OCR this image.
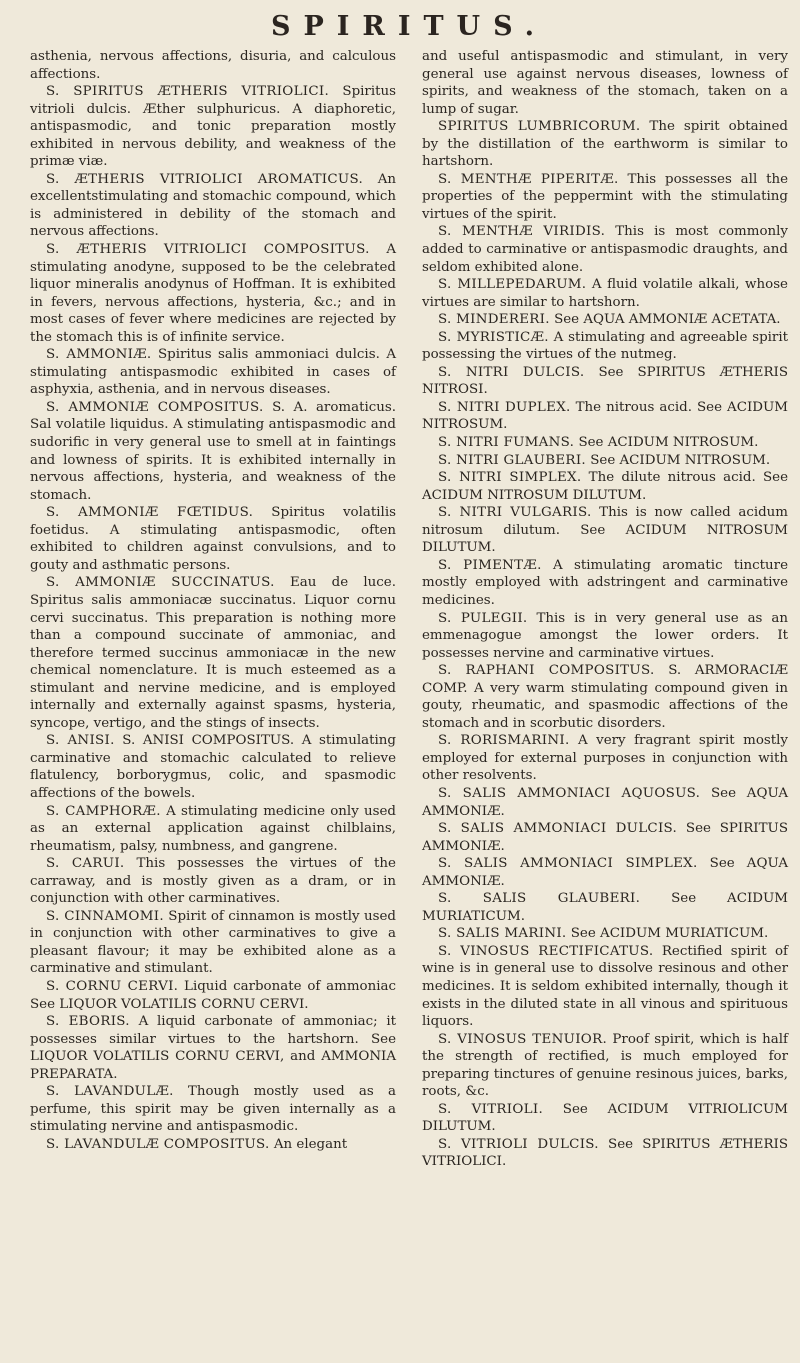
SPIRITUS.

asthenia, nervous affections, disuria, and calculous affections.

S. SPIRITUS ÆTHERIS VITRIOLICI. Spiritus vitrioli dulcis. Æther sulphuricus. A diaphoretic, antispasmodic, and tonic preparation mostly exhibited in nervous debility, and weakness of the primæ viæ.

S. ÆTHERIS VITRIOLICI AROMATICUS. An excellentstimulating and stomachic compound, which is administered in debility of the stomach and nervous affections.

S. ÆTHERIS VITRIOLICI COMPOSITUS. A stimulating anodyne, supposed to be the celebrated liquor mineralis anodynus of Hoffman. It is exhibited in fevers, nervous affections, hysteria, &c.; and in most cases of fever where medicines are rejected by the stomach this is of infinite service.

S. AMMONIÆ. Spiritus salis ammoniaci dulcis. A stimulating antispasmodic exhibited in cases of asphyxia, asthenia, and in nervous diseases.

S. AMMONIÆ COMPOSITUS. S. A. aromaticus. Sal volatile liquidus. A stimulating antispasmodic and sudorific in very general use to smell at in faintings and lowness of spirits. It is exhibited internally in nervous affections, hysteria, and weakness of the stomach.

S. AMMONIÆ FŒTIDUS. Spiritus volatilis foetidus. A stimulating antispasmodic, often exhibited to children against convulsions, and to gouty and asthmatic persons.

S. AMMONIÆ SUCCINATUS. Eau de luce. Spiritus salis ammoniacæ succinatus. Liquor cornu cervi succinatus. This preparation is nothing more than a compound succinate of ammoniac, and therefore termed succinus ammoniacæ in the new chemical nomenclature. It is much esteemed as a stimulant and nervine medicine, and is employed internally and externally against spasms, hysteria, syncope, vertigo, and the stings of insects.

S. ANISI. S. ANISI COMPOSITUS. A stimulating carminative and stomachic calculated to relieve flatulency, borborygmus, colic, and spasmodic affections of the bowels.

S. CAMPHORÆ. A stimulating medicine only used as an external application against chilblains, rheumatism, palsy, numbness, and gangrene.

S. CARUI. This possesses the virtues of the carraway, and is mostly given as a dram, or in conjunction with other carminatives.

S. CINNAMOMI. Spirit of cinnamon is mostly used in conjunction with other carminatives to give a pleasant flavour; it may be exhibited alone as a carminative and stimulant.

S. CORNU CERVI. Liquid carbonate of ammoniac See LIQUOR VOLATILIS CORNU CERVI.

S. EBORIS. A liquid carbonate of ammoniac; it possesses similar virtues to the hartshorn. See LIQUOR VOLATILIS CORNU CERVI, and AMMONIA PREPARATA.

S. LAVANDULÆ. Though mostly used as a perfume, this spirit may be given internally as a stimulating nervine and antispasmodic.

S. LAVANDULÆ COMPOSITUS. An elegant

and useful antispasmodic and stimulant, in very general use against nervous diseases, lowness of spirits, and weakness of the stomach, taken on a lump of sugar.

SPIRITUS LUMBRICORUM. The spirit obtained by the distillation of the earthworm is similar to hartshorn.

S. MENTHÆ PIPERITÆ. This possesses all the properties of the peppermint with the stimulating virtues of the spirit.

S. MENTHÆ VIRIDIS. This is most commonly added to carminative or antispasmodic draughts, and seldom exhibited alone.

S. MILLEPEDARUM. A fluid volatile alkali, whose virtues are similar to hartshorn.

S. MINDERERI. See AQUA AMMONIÆ ACETATA.

S. MYRISTICÆ. A stimulating and agreeable spirit possessing the virtues of the nutmeg.

S. NITRI DULCIS. See SPIRITUS ÆTHERIS NITROSI.

S. NITRI DUPLEX. The nitrous acid. See ACIDUM NITROSUM.

S. NITRI FUMANS. See ACIDUM NITROSUM.

S. NITRI GLAUBERI. See ACIDUM NITROSUM.

S. NITRI SIMPLEX. The dilute nitrous acid. See ACIDUM NITROSUM DILUTUM.

S. NITRI VULGARIS. This is now called acidum nitrosum dilutum. See ACIDUM NITROSUM DILUTUM.

S. PIMENTÆ. A stimulating aromatic tincture mostly employed with adstringent and carminative medicines.

S. PULEGII. This is in very general use as an emmenagogue amongst the lower orders. It possesses nervine and carminative virtues.

S. RAPHANI COMPOSITUS. S. ARMORACIÆ COMP. A very warm stimulating compound given in gouty, rheumatic, and spasmodic affections of the stomach and in scorbutic disorders.

S. RORISMARINI. A very fragrant spirit mostly employed for external purposes in conjunction with other resolvents.

S. SALIS AMMONIACI AQUOSUS. See AQUA AMMONIÆ.

S. SALIS AMMONIACI DULCIS. See SPIRITUS AMMONIÆ.

S. SALIS AMMONIACI SIMPLEX. See AQUA AMMONIÆ.

S. SALIS GLAUBERI. See ACIDUM MURIATICUM.

S. SALIS MARINI. See ACIDUM MURIATICUM.

S. VINOSUS RECTIFICATUS. Rectified spirit of wine is in general use to dissolve resinous and other medicines. It is seldom exhibited internally, though it exists in the diluted state in all vinous and spirituous liquors.

S. VINOSUS TENUIOR. Proof spirit, which is half the strength of rectified, is much employed for preparing tinctures of genuine resinous juices, barks, roots, &c.

S. VITRIOLI. See ACIDUM VITRIOLICUM DILUTUM.

S. VITRIOLI DULCIS. See SPIRITUS ÆTHERIS VITRIOLICI.
